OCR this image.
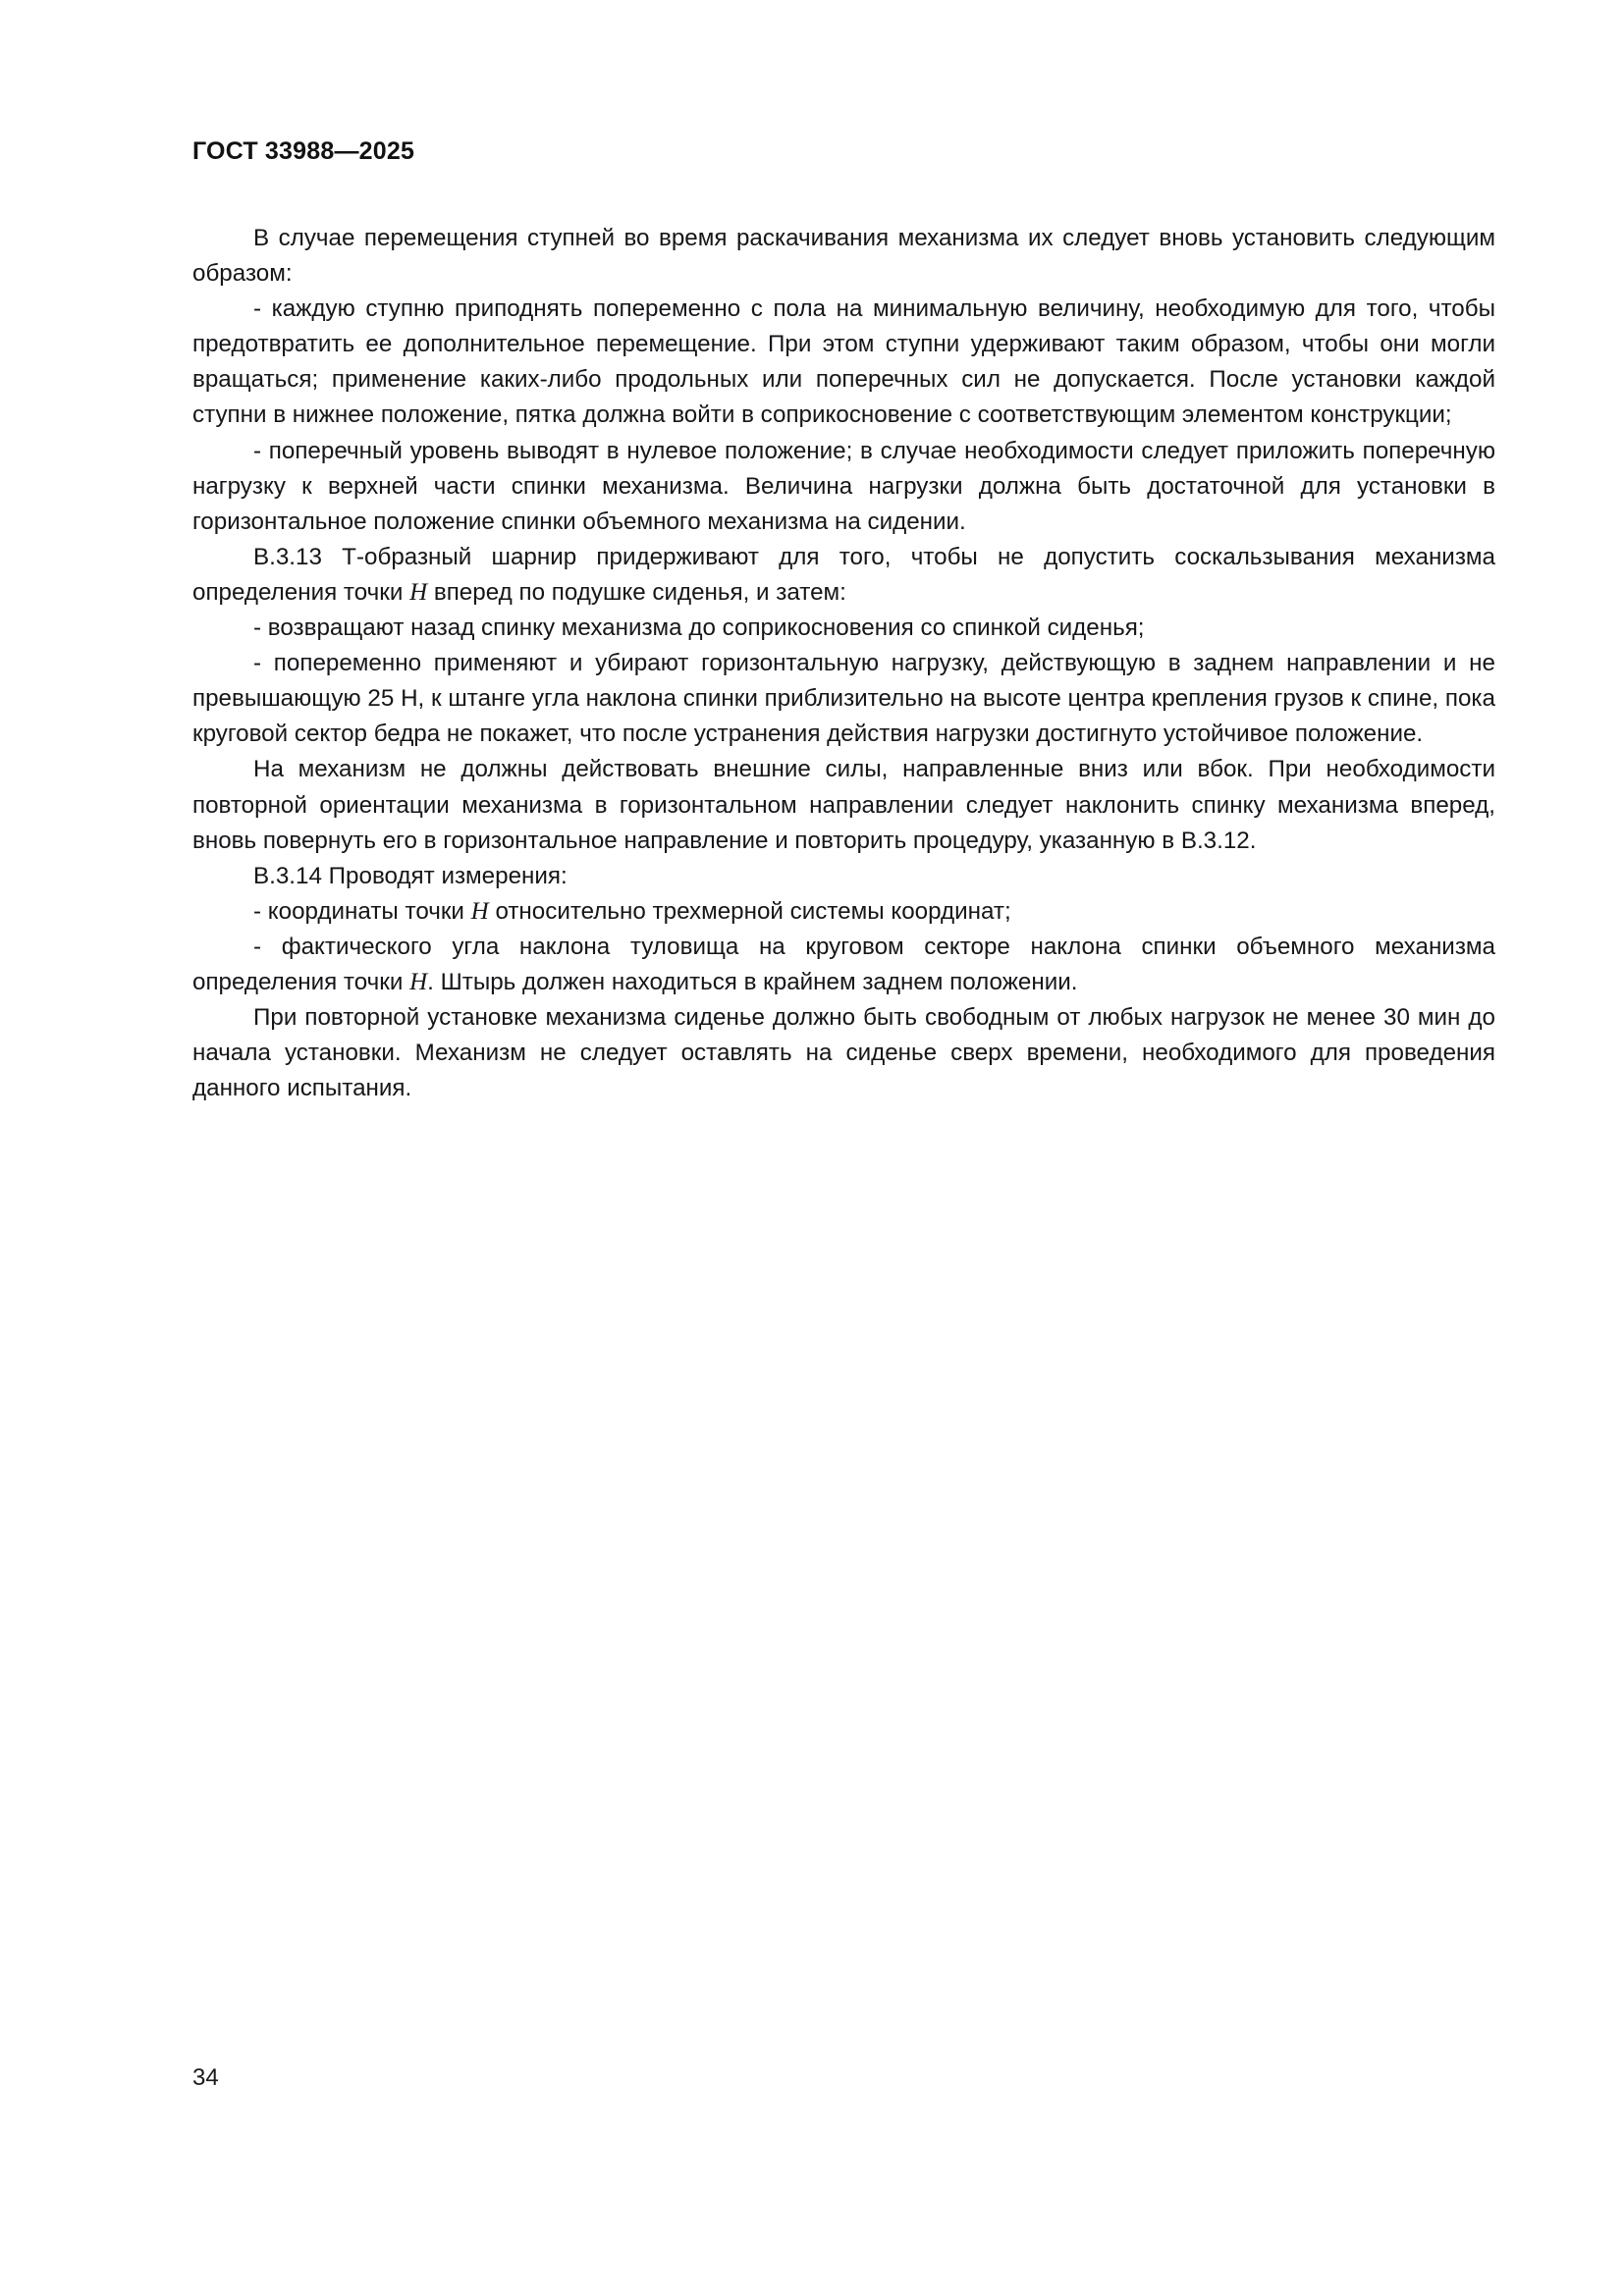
ГОСТ 33988—2025

В случае перемещения ступней во время раскачивания механизма их следует вновь установить следующим образом:

- каждую ступню приподнять попеременно с пола на минимальную величину, необходимую для того, чтобы предотвратить ее дополнительное перемещение. При этом ступни удерживают таким образом, чтобы они могли вращаться; применение каких-либо продольных или поперечных сил не допускается. После установки каждой ступни в нижнее положение, пятка должна войти в соприкосновение с соответствующим элементом конструкции;

- поперечный уровень выводят в нулевое положение; в случае необходимости следует приложить поперечную нагрузку к верхней части спинки механизма. Величина нагрузки должна быть достаточной для установки в горизонтальное положение спинки объемного механизма на сидении.

В.3.13 Т-образный шарнир придерживают для того, чтобы не допустить соскальзывания механизма определения точки H вперед по подушке сиденья, и затем:

- возвращают назад спинку механизма до соприкосновения со спинкой сиденья;

- попеременно применяют и убирают горизонтальную нагрузку, действующую в заднем направлении и не превышающую 25 Н, к штанге угла наклона спинки приблизительно на высоте центра крепления грузов к спине, пока круговой сектор бедра не покажет, что после устранения действия нагрузки достигнуто устойчивое положение.

На механизм не должны действовать внешние силы, направленные вниз или вбок. При необходимости повторной ориентации механизма в горизонтальном направлении следует наклонить спинку механизма вперед, вновь повернуть его в горизонтальное направление и повторить процедуру, указанную в В.3.12.

В.3.14 Проводят измерения:

- координаты точки H относительно трехмерной системы координат;

- фактического угла наклона туловища на круговом секторе наклона спинки объемного механизма определения точки H. Штырь должен находиться в крайнем заднем положении.

При повторной установке механизма сиденье должно быть свободным от любых нагрузок не менее 30 мин до начала установки. Механизм не следует оставлять на сиденье сверх времени, необходимого для проведения данного испытания.

34
